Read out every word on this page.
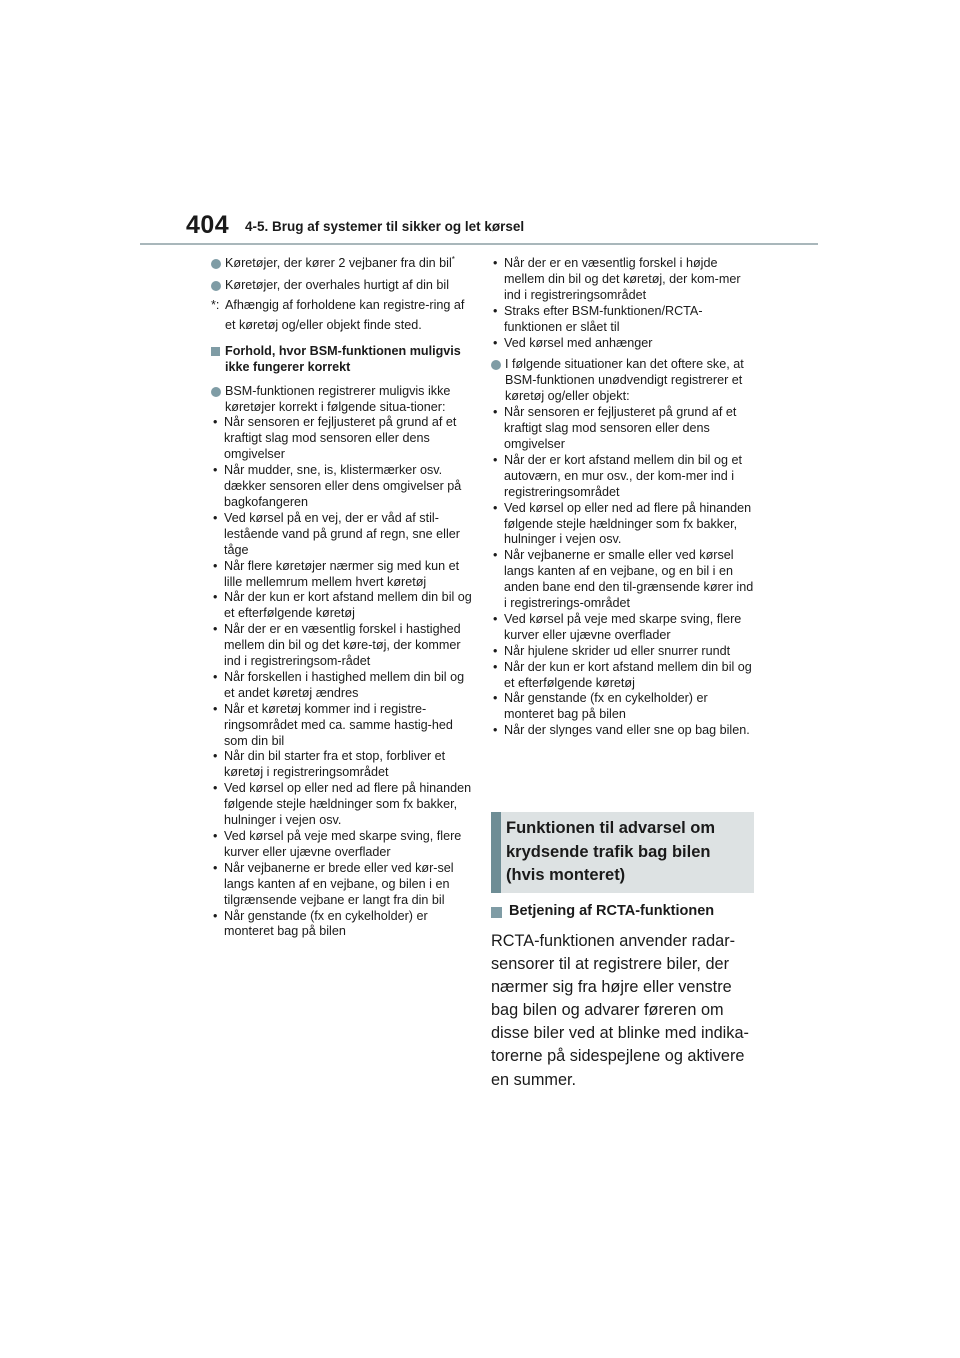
404 4-5. Brug af systemer til sikker og let kørsel
Køretøjer, der kører 2 vejbaner fra din bil*
Køretøjer, der overhales hurtigt af din bil
*: Afhængig af forholdene kan registre-ring af et køretøj og/eller objekt finde sted.
Forhold, hvor BSM-funktionen muligvis ikke fungerer korrekt
BSM-funktionen registrerer muligvis ikke køretøjer korrekt i følgende situa-tioner:
• Når sensoren er fejljusteret på grund af et kraftigt slag mod sensoren eller dens omgivelser
• Når mudder, sne, is, klistermærker osv. dækker sensoren eller dens omgivelser på bagkofangeren
• Ved kørsel på en vej, der er våd af stil-lestående vand på grund af regn, sne eller tåge
• Når flere køretøjer nærmer sig med kun et lille mellemrum mellem hvert køretøj
• Når der kun er kort afstand mellem din bil og et efterfølgende køretøj
• Når der er en væsentlig forskel i hastighed mellem din bil og det køre-tøj, der kommer ind i registreringsom-rådet
• Når forskellen i hastighed mellem din bil og et andet køretøj ændres
• Når et køretøj kommer ind i registre-ringsområdet med ca. samme hastig-hed som din bil
• Når din bil starter fra et stop, forbliver et køretøj i registreringsområdet
• Ved kørsel op eller ned ad flere på hinanden følgende stejle hældninger som fx bakker, hulninger i vejen osv.
• Ved kørsel på veje med skarpe sving, flere kurver eller ujævne overflader
• Når vejbanerne er brede eller ved kør-sel langs kanten af en vejbane, og bilen i en tilgrænsende vejbane er langt fra din bil
• Når genstande (fx en cykelholder) er monteret bag på bilen
• Når der er en væsentlig forskel i højde mellem din bil og det køretøj, der kom-mer ind i registreringsområdet
• Straks efter BSM-funktionen/RCTA-funktionen er slået til
• Ved kørsel med anhænger
I følgende situationer kan det oftere ske, at BSM-funktionen unødvendigt registrerer et køretøj og/eller objekt:
• Når sensoren er fejljusteret på grund af et kraftigt slag mod sensoren eller dens omgivelser
• Når der er kort afstand mellem din bil og et autoværn, en mur osv., der kom-mer ind i registreringsområdet
• Ved kørsel op eller ned ad flere på hinanden følgende stejle hældninger som fx bakker, hulninger i vejen osv.
• Når vejbanerne er smalle eller ved kørsel langs kanten af en vejbane, og en bil i en anden bane end den til-grænsende kører ind i registrerings-området
• Ved kørsel på veje med skarpe sving, flere kurver eller ujævne overflader
• Når hjulene skrider ud eller snurrer rundt
• Når der kun er kort afstand mellem din bil og et efterfølgende køretøj
• Når genstande (fx en cykelholder) er monteret bag på bilen
• Når der slynges vand eller sne op bag bilen.
Funktionen til advarsel om krydsende trafik bag bilen (hvis monteret)
Betjening af RCTA-funktionen
RCTA-funktionen anvender radar-sensorer til at registrere biler, der nærmer sig fra højre eller venstre bag bilen og advarer føreren om disse biler ved at blinke med indika-torerne på sidespejlene og aktivere en summer.
